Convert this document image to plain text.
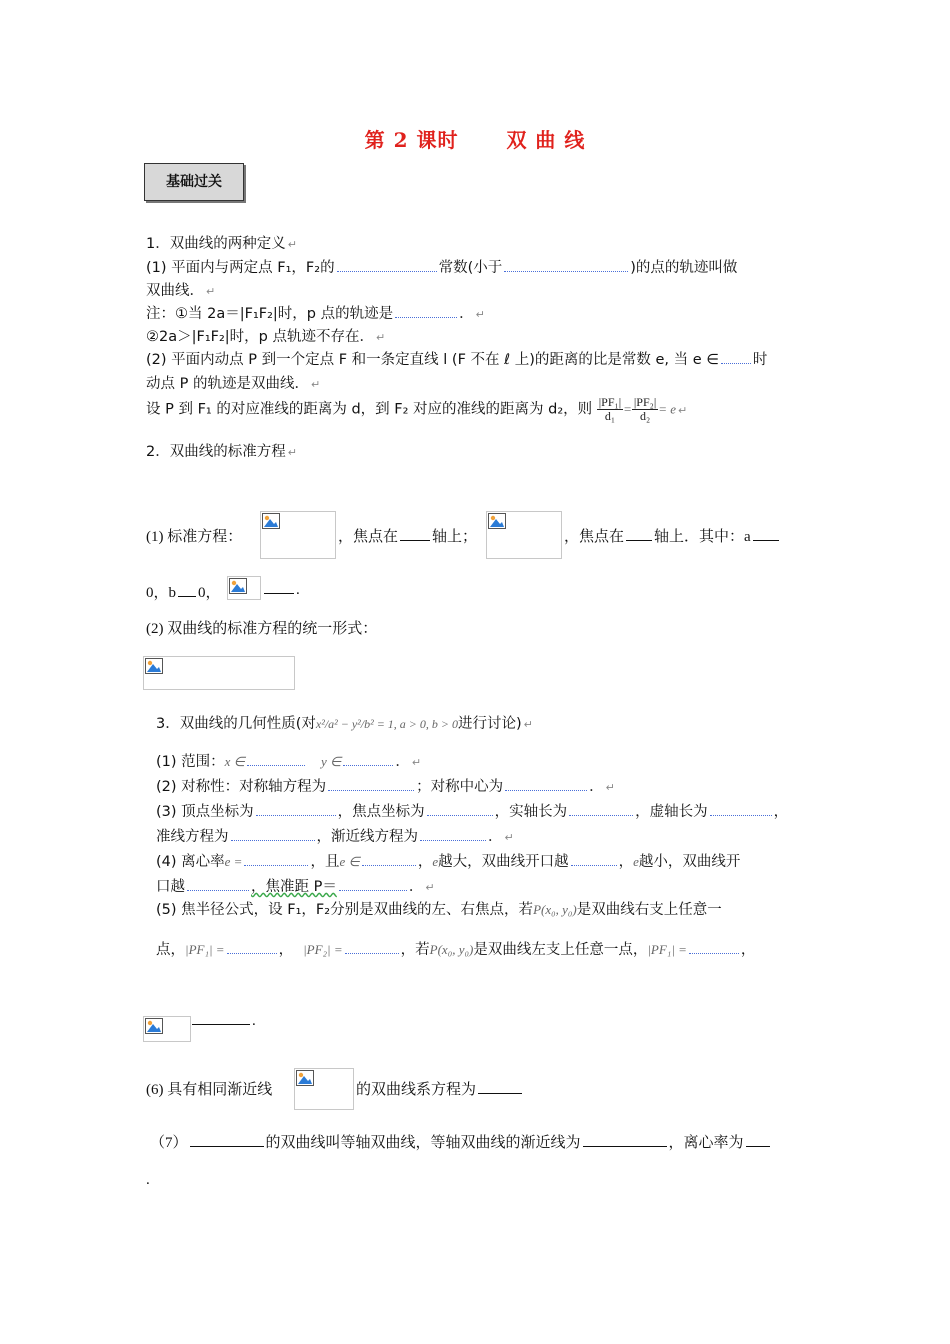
第 2 课时 双 曲 线
基础过关
1．双曲线的两种定义 ↵
(1) 平面内与两定点 F₁，F₂的	常数(小于	)的点的轨迹叫做
双曲线． ↵
注：①当 2a＝|F₁F₂|时，p 点的轨迹是	． ↵
②2a＞|F₁F₂|时，p 点轨迹不存在． ↵
(2) 平面内动点 P 到一个定点 F 和一条定直线 l (F 不在 ℓ 上)的距离的比是常数 e, 当 e ∈ 时
动点 P 的轨迹是双曲线． ↵
设 P 到 F₁ 的对应准线的距离为 d，到 F₂ 对应的准线的距离为 d₂，则 $\frac{\text{|PF₁|}}{\text{d₁}} = \frac{\text{|PF₂|}}{\text{d₂}} = e$ ↵
2．双曲线的标准方程 ↵
(1) 标准方程：	，焦点在 轴上；	，焦点在 轴上．其中：a
0，b 0，	.
(2) 双曲线的标准方程的统一形式：
3．双曲线的几何性质(对x²/a² − y²/b² = 1, a > 0, b > 0进行讨论) ↵
(1) 范围：x ∈	y ∈	． ↵
(2) 对称性：对称轴方程为	；对称中心为	． ↵
(3) 顶点坐标为	，焦点坐标为	，实轴长为	，虚轴长为	，
准线方程为	，渐近线方程为	． ↵
(4) 离心率e =	，且e ∈	，e越大，双曲线开口越	，e越小，双曲线开
口越	，焦准距 P＝	． ↵
(5) 焦半径公式，设 F₁，F₂分别是双曲线的左、右焦点，若P(x₀, y₀)是双曲线右支上任意一
点，|PF₁| =	， |PF₂| =	，若P(x₀, y₀)是双曲线左支上任意一点，|PF₁| =	，
.
(6) 具有相同渐近线	的双曲线系方程为
（7）	的双曲线叫等轴双曲线，等轴双曲线的渐近线为	，离心率为
.
